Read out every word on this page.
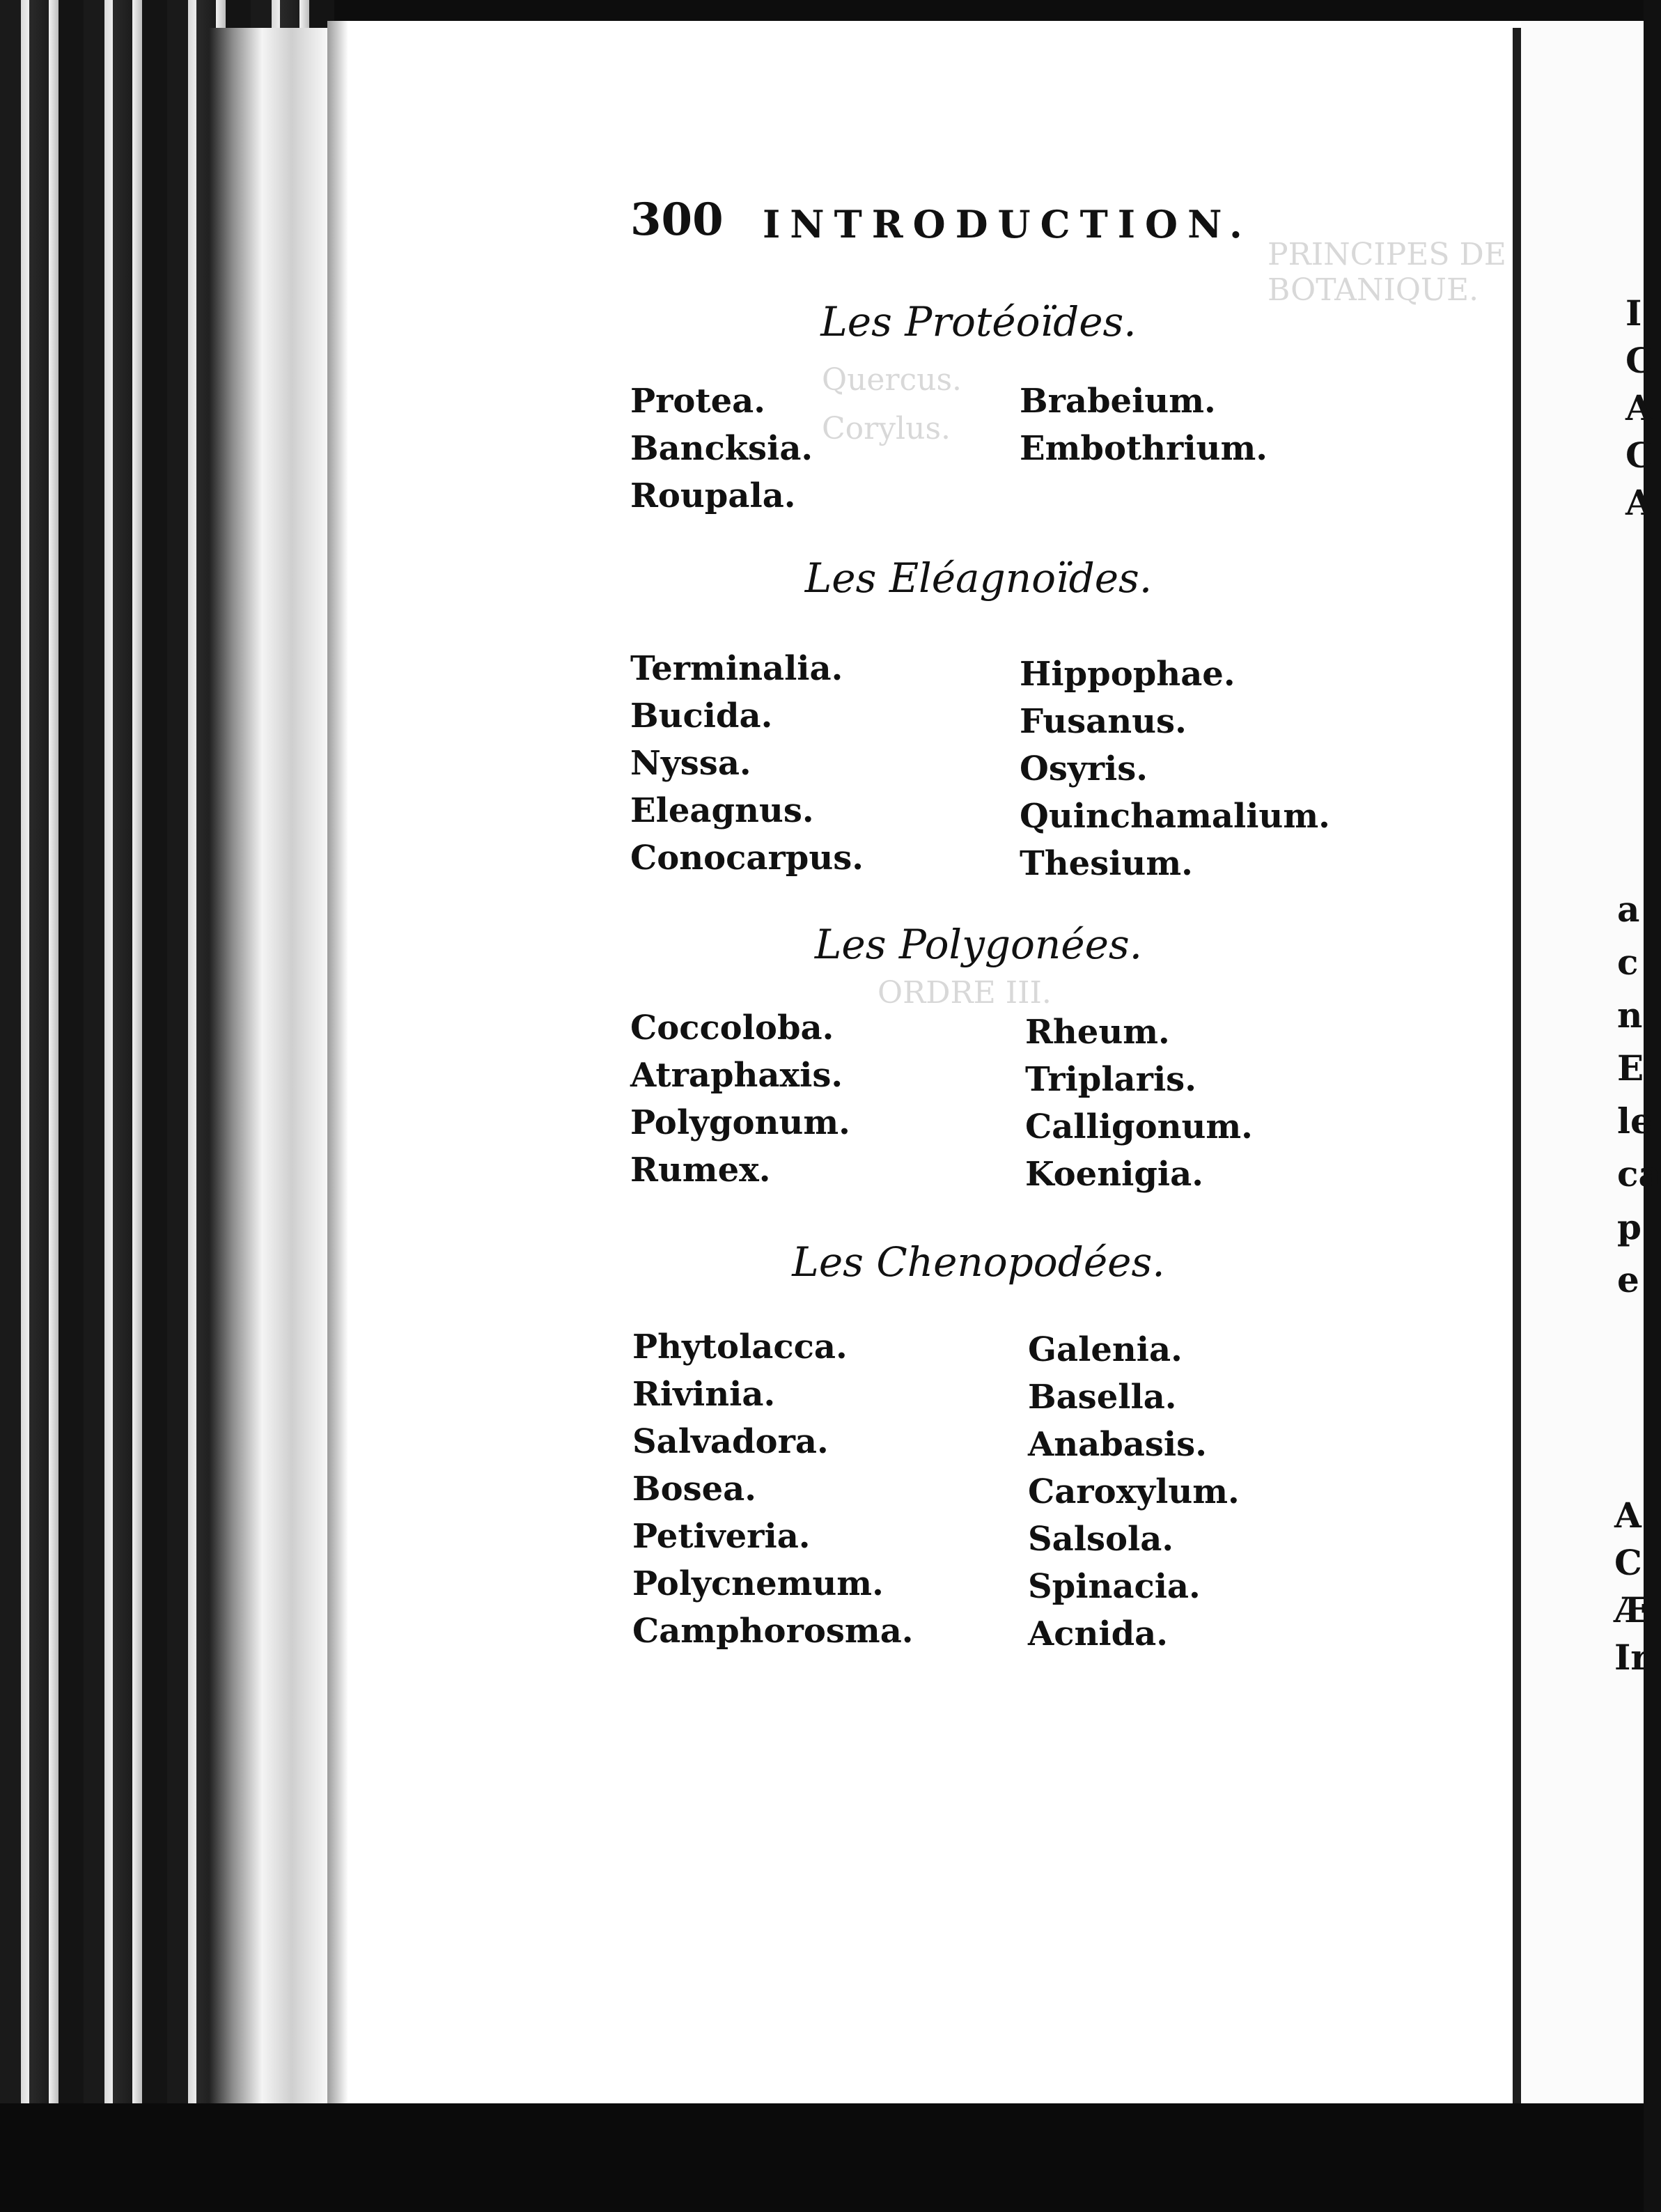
PRINCIPES DE BOTANIQUE.
Quercus.
Corylus.
ORDRE III.
300 INTRODUCTION.
Les Protéoïdes.
Protea.
Bancksia.
Roupala.
Brabeium.
Embothrium.
Les Eléagnoïdes.
Terminalia.
Bucida.
Nyssa.
Eleagnus.
Conocarpus.
Hippophae.
Fusanus.
Osyris.
Quinchamalium.
Thesium.
Les Polygonées.
Coccoloba.
Atraphaxis.
Polygonum.
Rumex.
Rheum.
Triplaris.
Calligonum.
Koenigia.
Les Chenopodées.
Phytolacca.
Rivinia.
Salvadora.
Bosea.
Petiveria.
Polycnemum.
Camphorosma.
Galenia.
Basella.
Anabasis.
Caroxylum.
Salsola.
Spinacia.
Acnida.
I
C
A
C
A
a
c
n
E
le
ca
p
e
A
C
Æ
Ir
